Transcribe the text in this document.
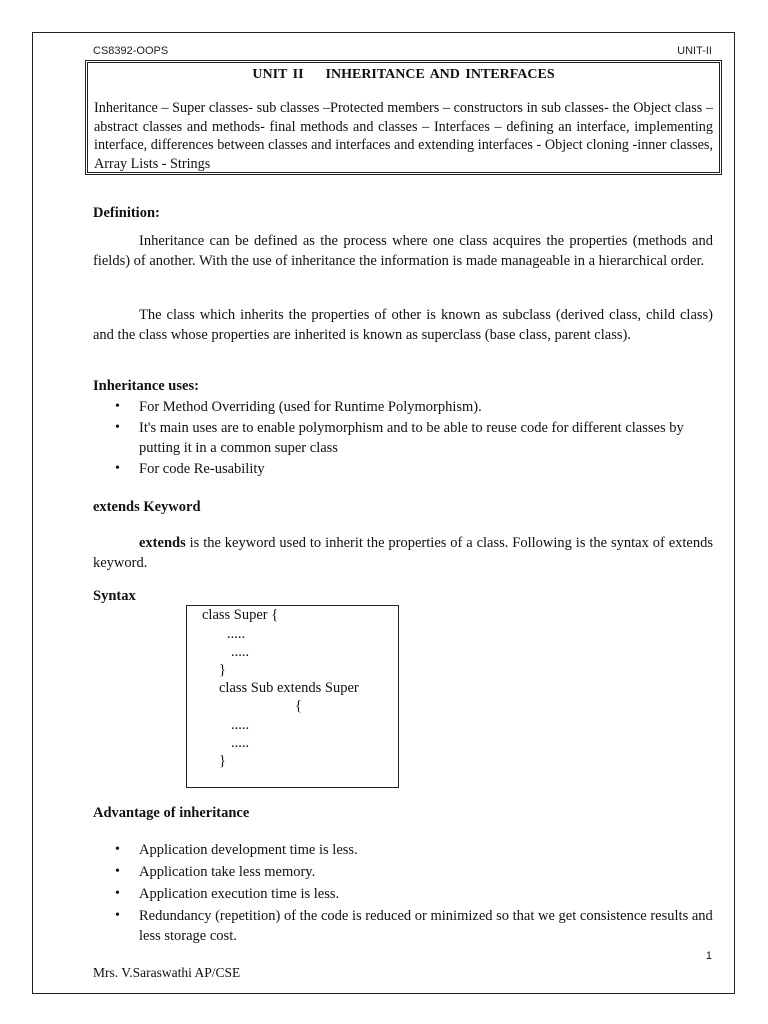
CS8392-OOPS	UNIT-II
UNIT II INHERITANCE AND INTERFACES
Inheritance – Super classes- sub classes –Protected members – constructors in sub classes- the Object class – abstract classes and methods- final methods and classes – Interfaces – defining an interface, implementing interface, differences between classes and interfaces and extending interfaces - Object cloning -inner classes, Array Lists - Strings
Definition:
Inheritance can be defined as the process where one class acquires the properties (methods and fields) of another. With the use of inheritance the information is made manageable in a hierarchical order.
The class which inherits the properties of other is known as subclass (derived class, child class) and the class whose properties are inherited is known as superclass (base class, parent class).
Inheritance uses:
• For Method Overriding (used for Runtime Polymorphism).
• It's main uses are to enable polymorphism and to be able to reuse code for different classes by putting it in a common super class
• For code Re-usability
extends Keyword
extends is the keyword used to inherit the properties of a class. Following is the syntax of extends keyword.
Syntax
class Super {
.....
.....
}
class Sub extends Super
{
.....
.....
}
Advantage of inheritance
• Application development time is less.
• Application take less memory.
• Application execution time is less.
• Redundancy (repetition) of the code is reduced or minimized so that we get consistence results and less storage cost.
1
Mrs. V.Saraswathi AP/CSE
